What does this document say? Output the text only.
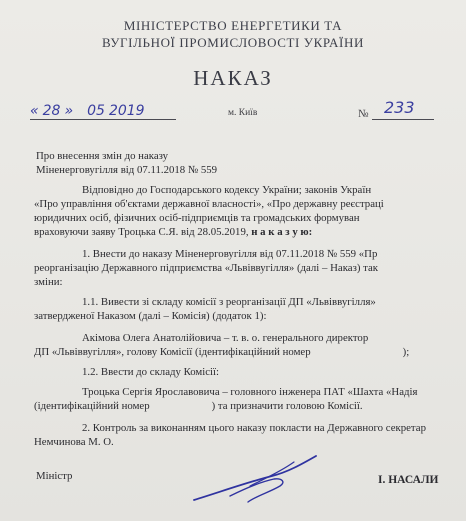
МІНІСТЕРСТВО ЕНЕРГЕТИКИ ТА
ВУГІЛЬНОЇ ПРОМИСЛОВОСТІ УКРАЇНИ
НАКАЗ
« 28 » 05 2019	м. Київ	№ 233
Про внесення змін до наказу
Міненерговугілля від 07.11.2018 № 559
Відповідно до Господарського кодексу України; законів Україн
«Про управління об'єктами державної власності», «Про державну реєстраці
юридичних осіб, фізичних осіб-підприємців та громадських формуван
враховуючи заяву Троцька С.Я. від 28.05.2019, н а к а з у ю:
1. Внести до наказу Міненерговугілля від 07.11.2018 № 559 «Пр
реорганізацію Державного підприємства «Львіввугілля» (далі – Наказ) так
зміни:
1.1. Вивести зі складу комісії з реорганізації ДП «Львіввугілля»
затвердженої Наказом (далі – Комісія) (додаток 1):
Акімова Олега Анатолійовича – т. в. о. генерального директор
ДП «Львіввугілля», голову Комісії (ідентифікаційний номер	);
1.2. Ввести до складу Комісії:
Троцька Сергія Ярославовича – головного інженера ПАТ «Шахта «Надія
(ідентифікаційний номер	) та призначити головою Комісії.
2. Контроль за виконанням цього наказу покласти на Державного секретар
Немчинова М. О.
Міністр	І. НАСАЛИ
